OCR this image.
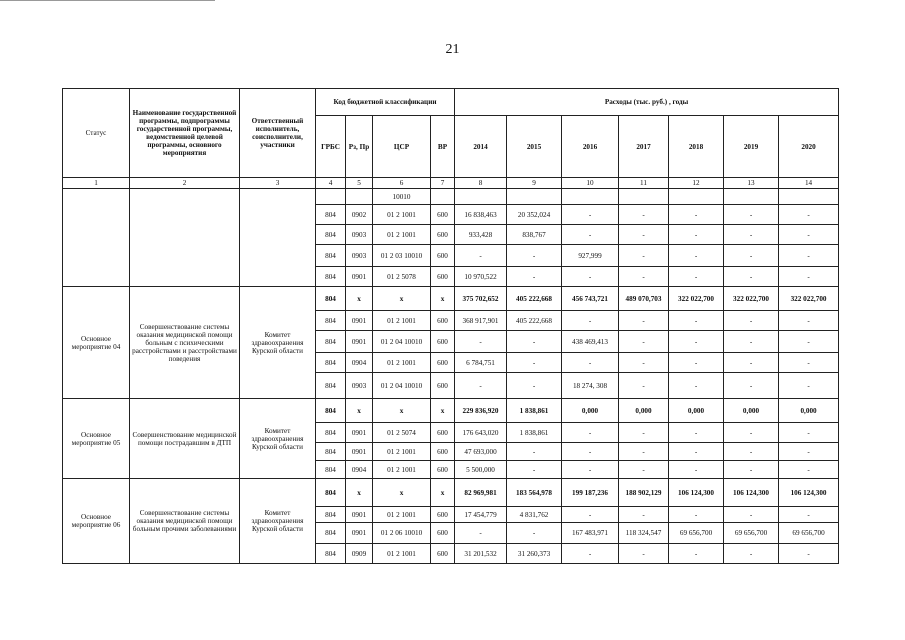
21
Статус	Наименование государственной программы, подпрограммы государственной программы, ведомственной целевой программы, основного мероприятия	Ответственный исполнитель, соисполнители, участники	Код бюджетной классификации				Расходы (тыс. руб.) , годы						
			ГРБС	Рз, Пр	ЦСР	ВР	2014	2015	2016	2017	2018	2019	2020
1	2	3	4	5	6	7	8	9	10	11	12	13	14
					10010								
			804	0902	01 2 1001	600	16 838,463	20 352,024	-	-	-	-	-
			804	0903	01 2 1001	600	933,428	838,767	-	-	-	-	-
			804	0903	01 2 03 10010	600	-	-	927,999	-	-	-	-
			804	0901	01 2 5078	600	10 970,522	-	-	-	-	-	-
Основное мероприятие 04	Совершенствование системы оказания медицинской помощи больным с психическими расстройствами и расстройствами поведения	Комитет здравоохранения Курской области	804	х	х	х	375 702,652	405 222,668	456 743,721	489 070,703	322 022,700	322 022,700	322 022,700
			804	0901	01 2 1001	600	368 917,901	405 222,668	-	-	-	-	-
			804	0901	01 2 04 10010	600	-	-	438 469,413	-	-	-	-
			804	0904	01 2 1001	600	6 784,751	-	-	-	-	-	-
			804	0903	01 2 04 10010	600	-	-	18 274, 308	-	-	-	-
Основное мероприятие 05	Совершенствование медицинской помощи пострадавшим в ДТП	Комитет здравоохранения Курской области	804	х	х	х	229 836,920	1 838,861	0,000	0,000	0,000	0,000	0,000
			804	0901	01 2 5074	600	176 643,020	1 838,861	-	-	-	-	-
			804	0901	01 2 1001	600	47 693,000	-	-	-	-	-	-
			804	0904	01 2 1001	600	5 500,000	-	-	-	-	-	-
Основное мероприятие 06	Совершенствование системы оказания медицинской помощи больным прочими заболеваниями	Комитет здравоохранения Курской области	804	х	х	х	82 969,981	183 564,978	199 187,236	188 902,129	106 124,300	106 124,300	106 124,300
			804	0901	01 2 1001	600	17 454,779	4 831,762	-	-	-	-	-
			804	0901	01 2 06 10010	600	-	-	167 483,971	118 324,547	69 656,700	69 656,700	69 656,700
			804	0909	01 2 1001	600	31 201,532	31 260,373	-	-	-	-	-
